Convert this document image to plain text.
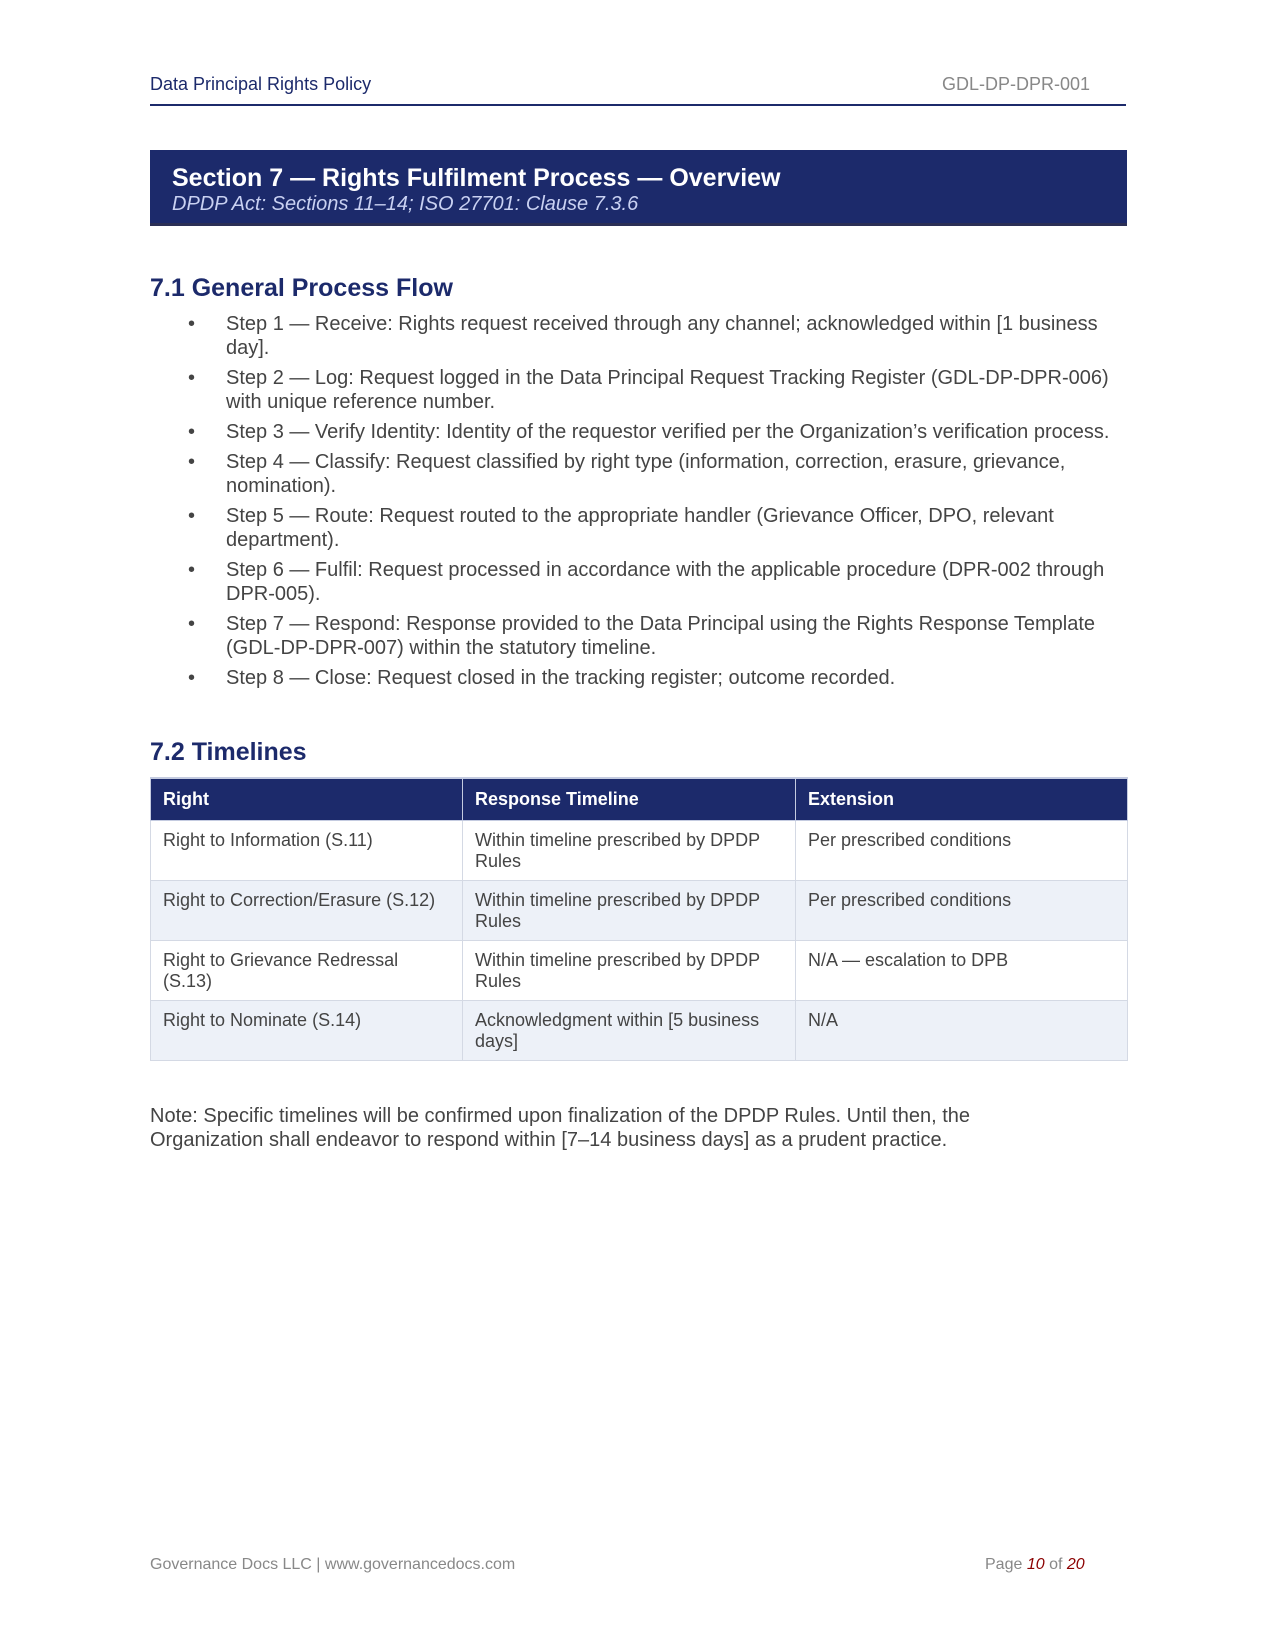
Data Principal Rights Policy	GDL-DP-DPR-001
Section 7 — Rights Fulfilment Process — Overview
DPDP Act: Sections 11–14; ISO 27701: Clause 7.3.6
7.1 General Process Flow
• Step 1 — Receive: Rights request received through any channel; acknowledged within [1 business day].
• Step 2 — Log: Request logged in the Data Principal Request Tracking Register (GDL-DP-DPR-006) with unique reference number.
• Step 3 — Verify Identity: Identity of the requestor verified per the Organization’s verification process.
• Step 4 — Classify: Request classified by right type (information, correction, erasure, grievance, nomination).
• Step 5 — Route: Request routed to the appropriate handler (Grievance Officer, DPO, relevant department).
• Step 6 — Fulfil: Request processed in accordance with the applicable procedure (DPR-002 through DPR-005).
• Step 7 — Respond: Response provided to the Data Principal using the Rights Response Template (GDL-DP-DPR-007) within the statutory timeline.
• Step 8 — Close: Request closed in the tracking register; outcome recorded.
7.2 Timelines
Right	Response Timeline	Extension
Right to Information (S.11)	Within timeline prescribed by DPDP Rules	Per prescribed conditions
Right to Correction/Erasure (S.12)	Within timeline prescribed by DPDP Rules	Per prescribed conditions
Right to Grievance Redressal (S.13)	Within timeline prescribed by DPDP Rules	N/A — escalation to DPB
Right to Nominate (S.14)	Acknowledgment within [5 business days]	N/A
Note: Specific timelines will be confirmed upon finalization of the DPDP Rules. Until then, the Organization shall endeavor to respond within [7–14 business days] as a prudent practice.
Governance Docs LLC | www.governancedocs.com	Page 10 of 20
